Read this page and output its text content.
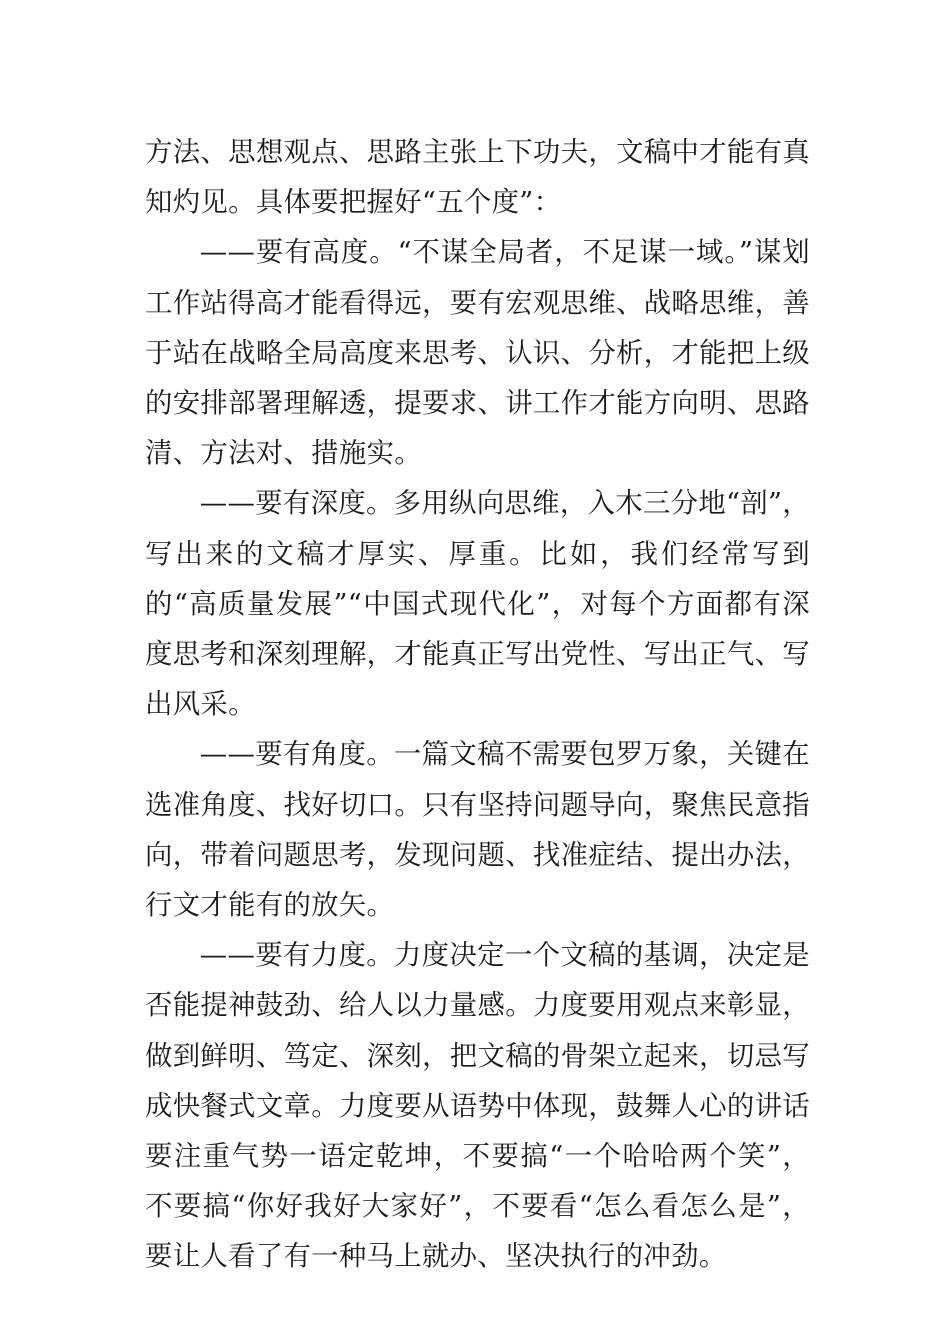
方法、思想观点、思路主张上下功夫，文稿中才能有真知灼见。具体要把握好“五个度”：

——要有高度。“不谋全局者，不足谋一域。”谋划工作站得高才能看得远，要有宏观思维、战略思维，善于站在战略全局高度来思考、认识、分析，才能把上级的安排部署理解透，提要求、讲工作才能方向明、思路清、方法对、措施实。

——要有深度。多用纵向思维，入木三分地“剖”，写出来的文稿才厚实、厚重。比如，我们经常写到的“高质量发展”“中国式现代化”，对每个方面都有深度思考和深刻理解，才能真正写出党性、写出正气、写出风采。

——要有角度。一篇文稿不需要包罗万象，关键在选准角度、找好切口。只有坚持问题导向，聚焦民意指向，带着问题思考，发现问题、找准症结、提出办法，行文才能有的放矢。

——要有力度。力度决定一个文稿的基调，决定是否能提神鼓劲、给人以力量感。力度要用观点来彰显，做到鲜明、笃定、深刻，把文稿的骨架立起来，切忌写成快餐式文章。力度要从语势中体现，鼓舞人心的讲话要注重气势一语定乾坤，不要搞“一个哈哈两个笑”，不要搞“你好我好大家好”，不要看“怎么看怎么是”，要让人看了有一种马上就办、坚决执行的冲劲。
